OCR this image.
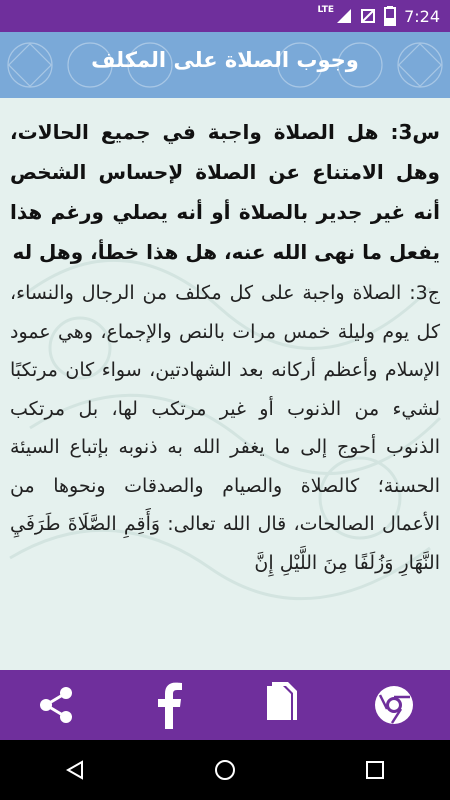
LTE	7:24
وجوب الصلاة على المكلف
س3: هل الصلاة واجبة في جميع الحالات، وهل الامتناع عن الصلاة لإحساس الشخص أنه غير جدير بالصلاة أو أنه يصلي ورغم هذا يفعل ما نهى الله عنه، هل هذا خطأ، وهل له
ج3: الصلاة واجبة على كل مكلف من الرجال والنساء، كل يوم وليلة خمس مرات بالنص والإجماع، وهي عمود الإسلام وأعظم أركانه بعد الشهادتين، سواء كان مرتكبًا لشيء من الذنوب أو غير مرتكب لها، بل مرتكب الذنوب أحوج إلى ما يغفر الله به ذنوبه بإتباع السيئة الحسنة؛ كالصلاة والصيام والصدقات ونحوها من الأعمال الصالحات، قال الله تعالى: وَأَقِمِ الصَّلَاةَ طَرَفَيِ النَّهَارِ وَزُلَفًا مِنَ اللَّيْلِ إِنَّ
